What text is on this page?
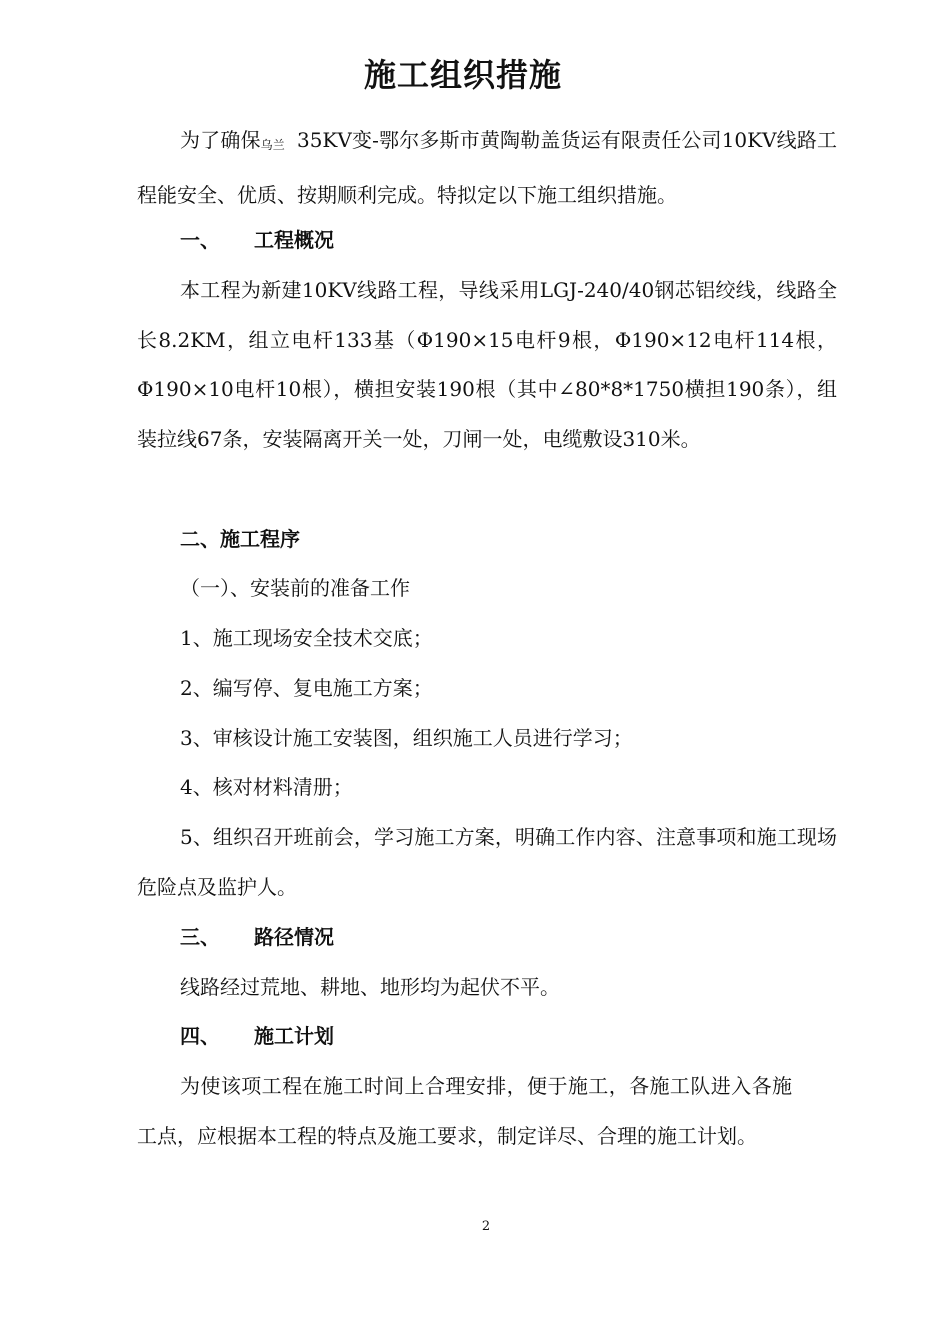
施工组织措施

为了确保乌兰 35KV变-鄂尔多斯市黄陶勒盖货运有限责任公司10KV线路工程能安全、优质、按期顺利完成。特拟定以下施工组织措施。

一、 工程概况

本工程为新建10KV线路工程，导线采用LGJ-240/40钢芯铝绞线，线路全长8.2KM，组立电杆133基（Φ190×15电杆9根，Φ190×12电杆114根，Φ190×10电杆10根），横担安装190根（其中∠80*8*1750横担190条），组装拉线67条，安装隔离开关一处，刀闸一处，电缆敷设310米。

二、施工程序

（一）、安装前的准备工作

1、施工现场安全技术交底；

2、编写停、复电施工方案；

3、审核设计施工安装图，组织施工人员进行学习；

4、核对材料清册；

5、组织召开班前会，学习施工方案，明确工作内容、注意事项和施工现场危险点及监护人。

三、 路径情况

线路经过荒地、耕地、地形均为起伏不平。

四、 施工计划

为使该项工程在施工时间上合理安排，便于施工，各施工队进入各施工点，应根据本工程的特点及施工要求，制定详尽、合理的施工计划。

2
